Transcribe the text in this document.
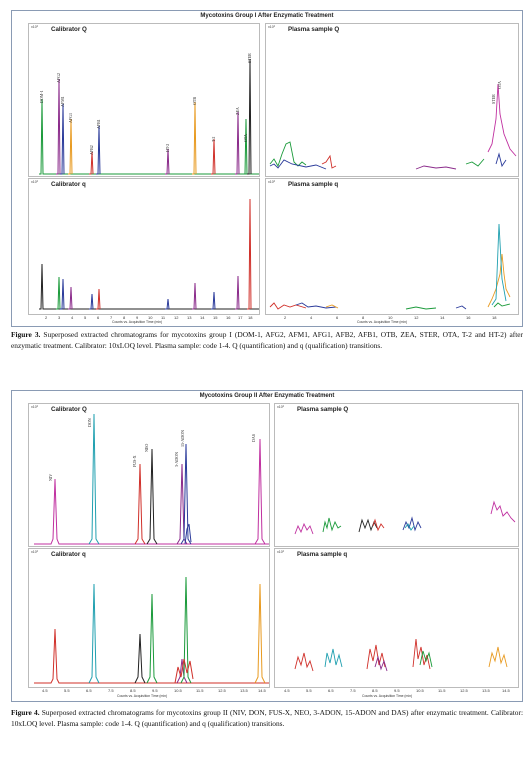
Mycotoxins Group I After Enzymatic Treatment
x10² Calibrator Q
DOM-1
AFG2
AFM1
AFG1
AFB2
AFB1
HT-2
OTB
T-2
ZEA
OTA
STER
x10² Plasma sample Q
STER
OTA
x10² Calibrator q	x10² Plasma sample q
2	3	4	5	6	7	8	9 10 11 12 13 14 15 16 17 18
Counts vs. Acquisition Time (min)
2	4	6	8	10	12	14	16	18
Counts vs. Acquisition Time (min)

Figure 3. Superposed extracted chromatograms for mycotoxins group I (DOM-1, AFG2, AFM1, AFG1, AFB2, AFB1, OTB, ZEA, STER, OTA, T-2 and HT-2) after enzymatic treatment. Calibrator: 10xLOQ level. Plasma sample: code 1-4. Q (quantification) and q (qualification) transitions.

Mycotoxins Group II After Enzymatic Treatment
x10² Calibrator Q
NIV
DON
FUS-X
NEO
3-ADON
15-ADON	DAS
x10² Plasma sample Q
x10² Calibrator q	x10² Plasma sample q
4.5	5.5	6.5	7.5	8.5	9.5	10.5	11.5	12.5	13.5	14.5
Counts vs. Acquisition Time (min)
4.5	5.5	6.5	7.5	8.5	9.5	10.5	11.5	12.5	13.5	14.5
Counts vs. Acquisition Time (min)

Figure 4. Superposed extracted chromatograms for mycotoxins group II (NIV, DON, FUS-X, NEO, 3-ADON, 15-ADON and DAS) after enzymatic treatment. Calibrator: 10xLOQ level. Plasma sample: code 1-4. Q (quantification) and q (qualification) transitions.
